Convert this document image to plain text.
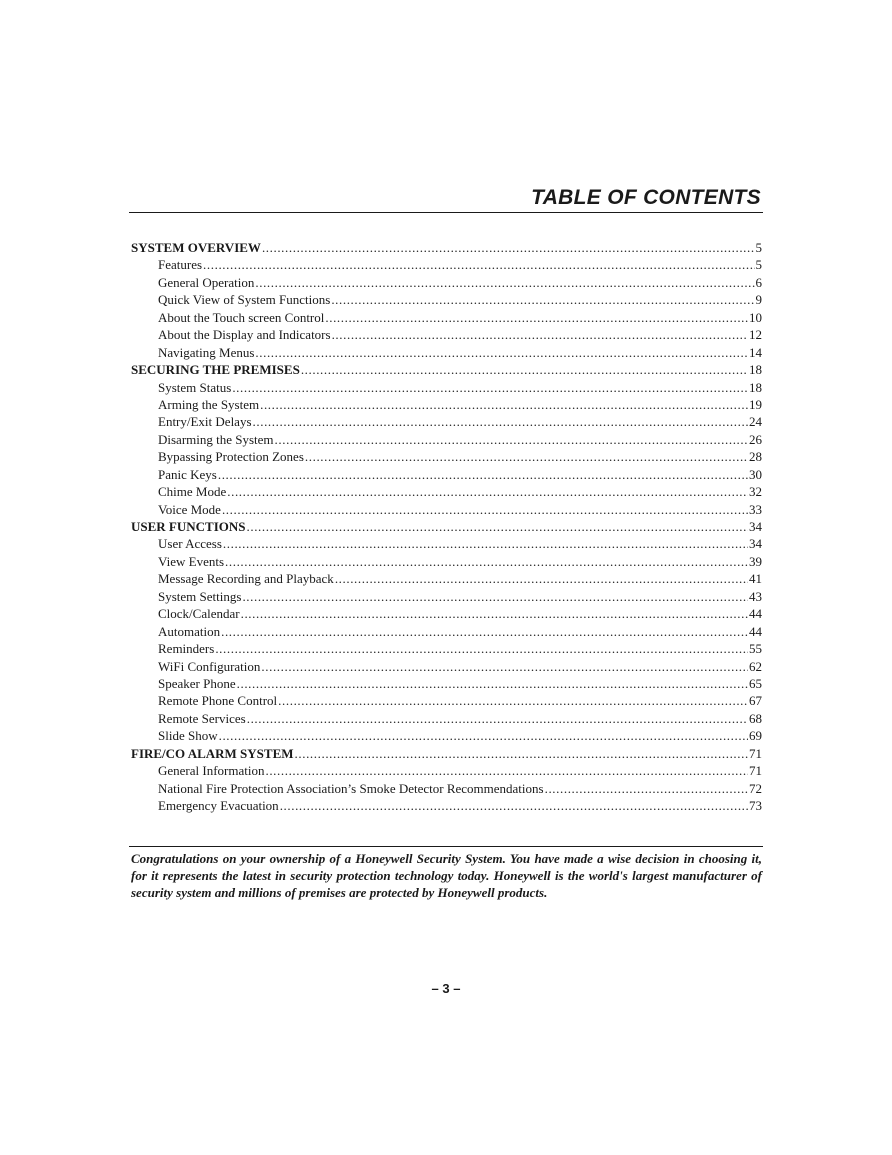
TABLE OF CONTENTS
SYSTEM OVERVIEW .....	5
Features .....	5
General Operation .....	6
Quick View of System Functions .....	9
About the Touch screen Control .....	10
About the Display and Indicators .....	12
Navigating Menus .....	14
SECURING THE PREMISES .....	18
System Status .....	18
Arming the System .....	19
Entry/Exit Delays .....	24
Disarming the System .....	26
Bypassing Protection Zones .....	28
Panic Keys .....	30
Chime Mode .....	32
Voice Mode .....	33
USER FUNCTIONS .....	34
User Access .....	34
View Events .....	39
Message Recording and Playback .....	41
System Settings .....	43
Clock/Calendar .....	44
Automation .....	44
Reminders .....	55
WiFi Configuration .....	62
Speaker Phone .....	65
Remote Phone Control .....	67
Remote Services .....	68
Slide Show .....	69
FIRE/CO ALARM SYSTEM .....	71
General Information .....	71
National Fire Protection Association’s Smoke Detector Recommendations .....	72
Emergency Evacuation .....	73

Congratulations on your ownership of a Honeywell Security System. You have made a wise decision in choosing it, for it represents the latest in security protection technology today. Honeywell is the world's largest manufacturer of security system and millions of premises are protected by Honeywell products.

– 3 –
